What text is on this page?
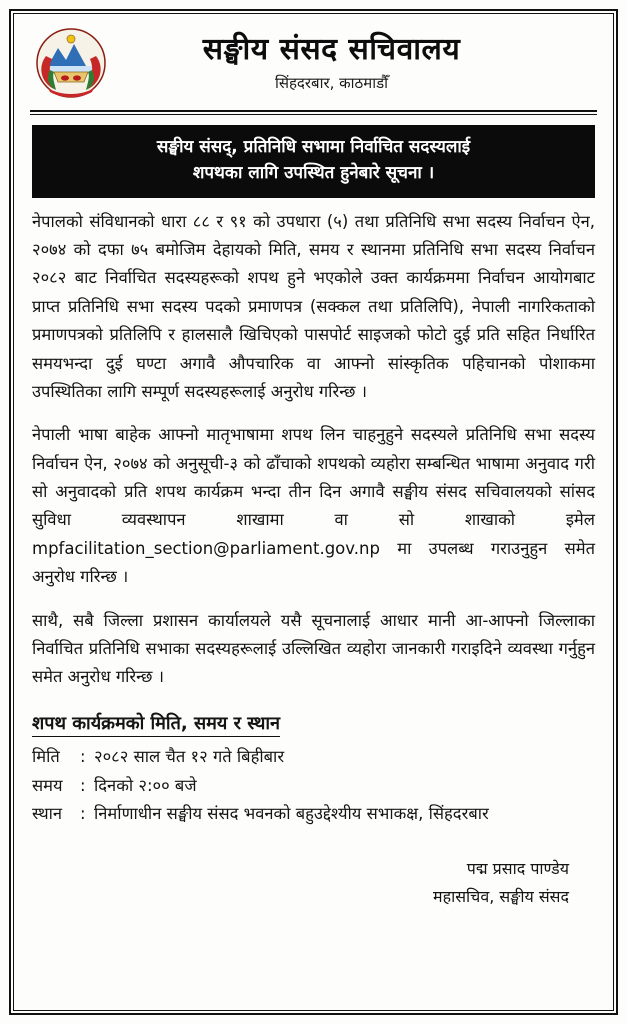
सङ्घीय संसद सचिवालय
सिंहदरबार, काठमाडौँ
सङ्घीय संसद्, प्रतिनिधि सभामा निर्वाचित सदस्यलाई
शपथका लागि उपस्थित हुनेबारे सूचना ।
नेपालको संविधानको धारा ८८ र ९१ को उपधारा (५) तथा प्रतिनिधि सभा सदस्य निर्वाचन ऐन, २०७४ को दफा ७५ बमोजिम देहायको मिति, समय र स्थानमा प्रतिनिधि सभा सदस्य निर्वाचन २०८२ बाट निर्वाचित सदस्यहरूको शपथ हुने भएकोले उक्त कार्यक्रममा निर्वाचन आयोगबाट प्राप्त प्रतिनिधि सभा सदस्य पदको प्रमाणपत्र (सक्कल तथा प्रतिलिपि), नेपाली नागरिकताको प्रमाणपत्रको प्रतिलिपि र हालसालै खिचिएको पासपोर्ट साइजको फोटो दुई प्रति सहित निर्धारित समयभन्दा दुई घण्टा अगावै औपचारिक वा आफ्नो सांस्कृतिक पहिचानको पोशाकमा उपस्थितिका लागि सम्पूर्ण सदस्यहरूलाई अनुरोध गरिन्छ ।
नेपाली भाषा बाहेक आफ्नो मातृभाषामा शपथ लिन चाहनुहुने सदस्यले प्रतिनिधि सभा सदस्य निर्वाचन ऐन, २०७४ को अनुसूची-३ को ढाँचाको शपथको व्यहोरा सम्बन्धित भाषामा अनुवाद गरी सो अनुवादको प्रति शपथ कार्यक्रम भन्दा तीन दिन अगावै सङ्घीय संसद सचिवालयको सांसद सुविधा व्यवस्थापन शाखामा वा सो शाखाको इमेल mpfacilitation_section@parliament.gov.np मा उपलब्ध गराउनुहुन समेत अनुरोध गरिन्छ ।
साथै, सबै जिल्ला प्रशासन कार्यालयले यसै सूचनालाई आधार मानी आ-आफ्नो जिल्लाका निर्वाचित प्रतिनिधि सभाका सदस्यहरूलाई उल्लिखित व्यहोरा जानकारी गराइदिने व्यवस्था गर्नुहुन समेत अनुरोध गरिन्छ ।
शपथ कार्यक्रमको मिति, समय र स्थान
मिति	: २०८२ साल चैत १२ गते बिहीबार
समय	: दिनको २:०० बजे
स्थान	: निर्माणाधीन सङ्घीय संसद भवनको बहुउद्देश्यीय सभाकक्ष, सिंहदरबार
पद्म प्रसाद पाण्डेय
महासचिव, सङ्घीय संसद
